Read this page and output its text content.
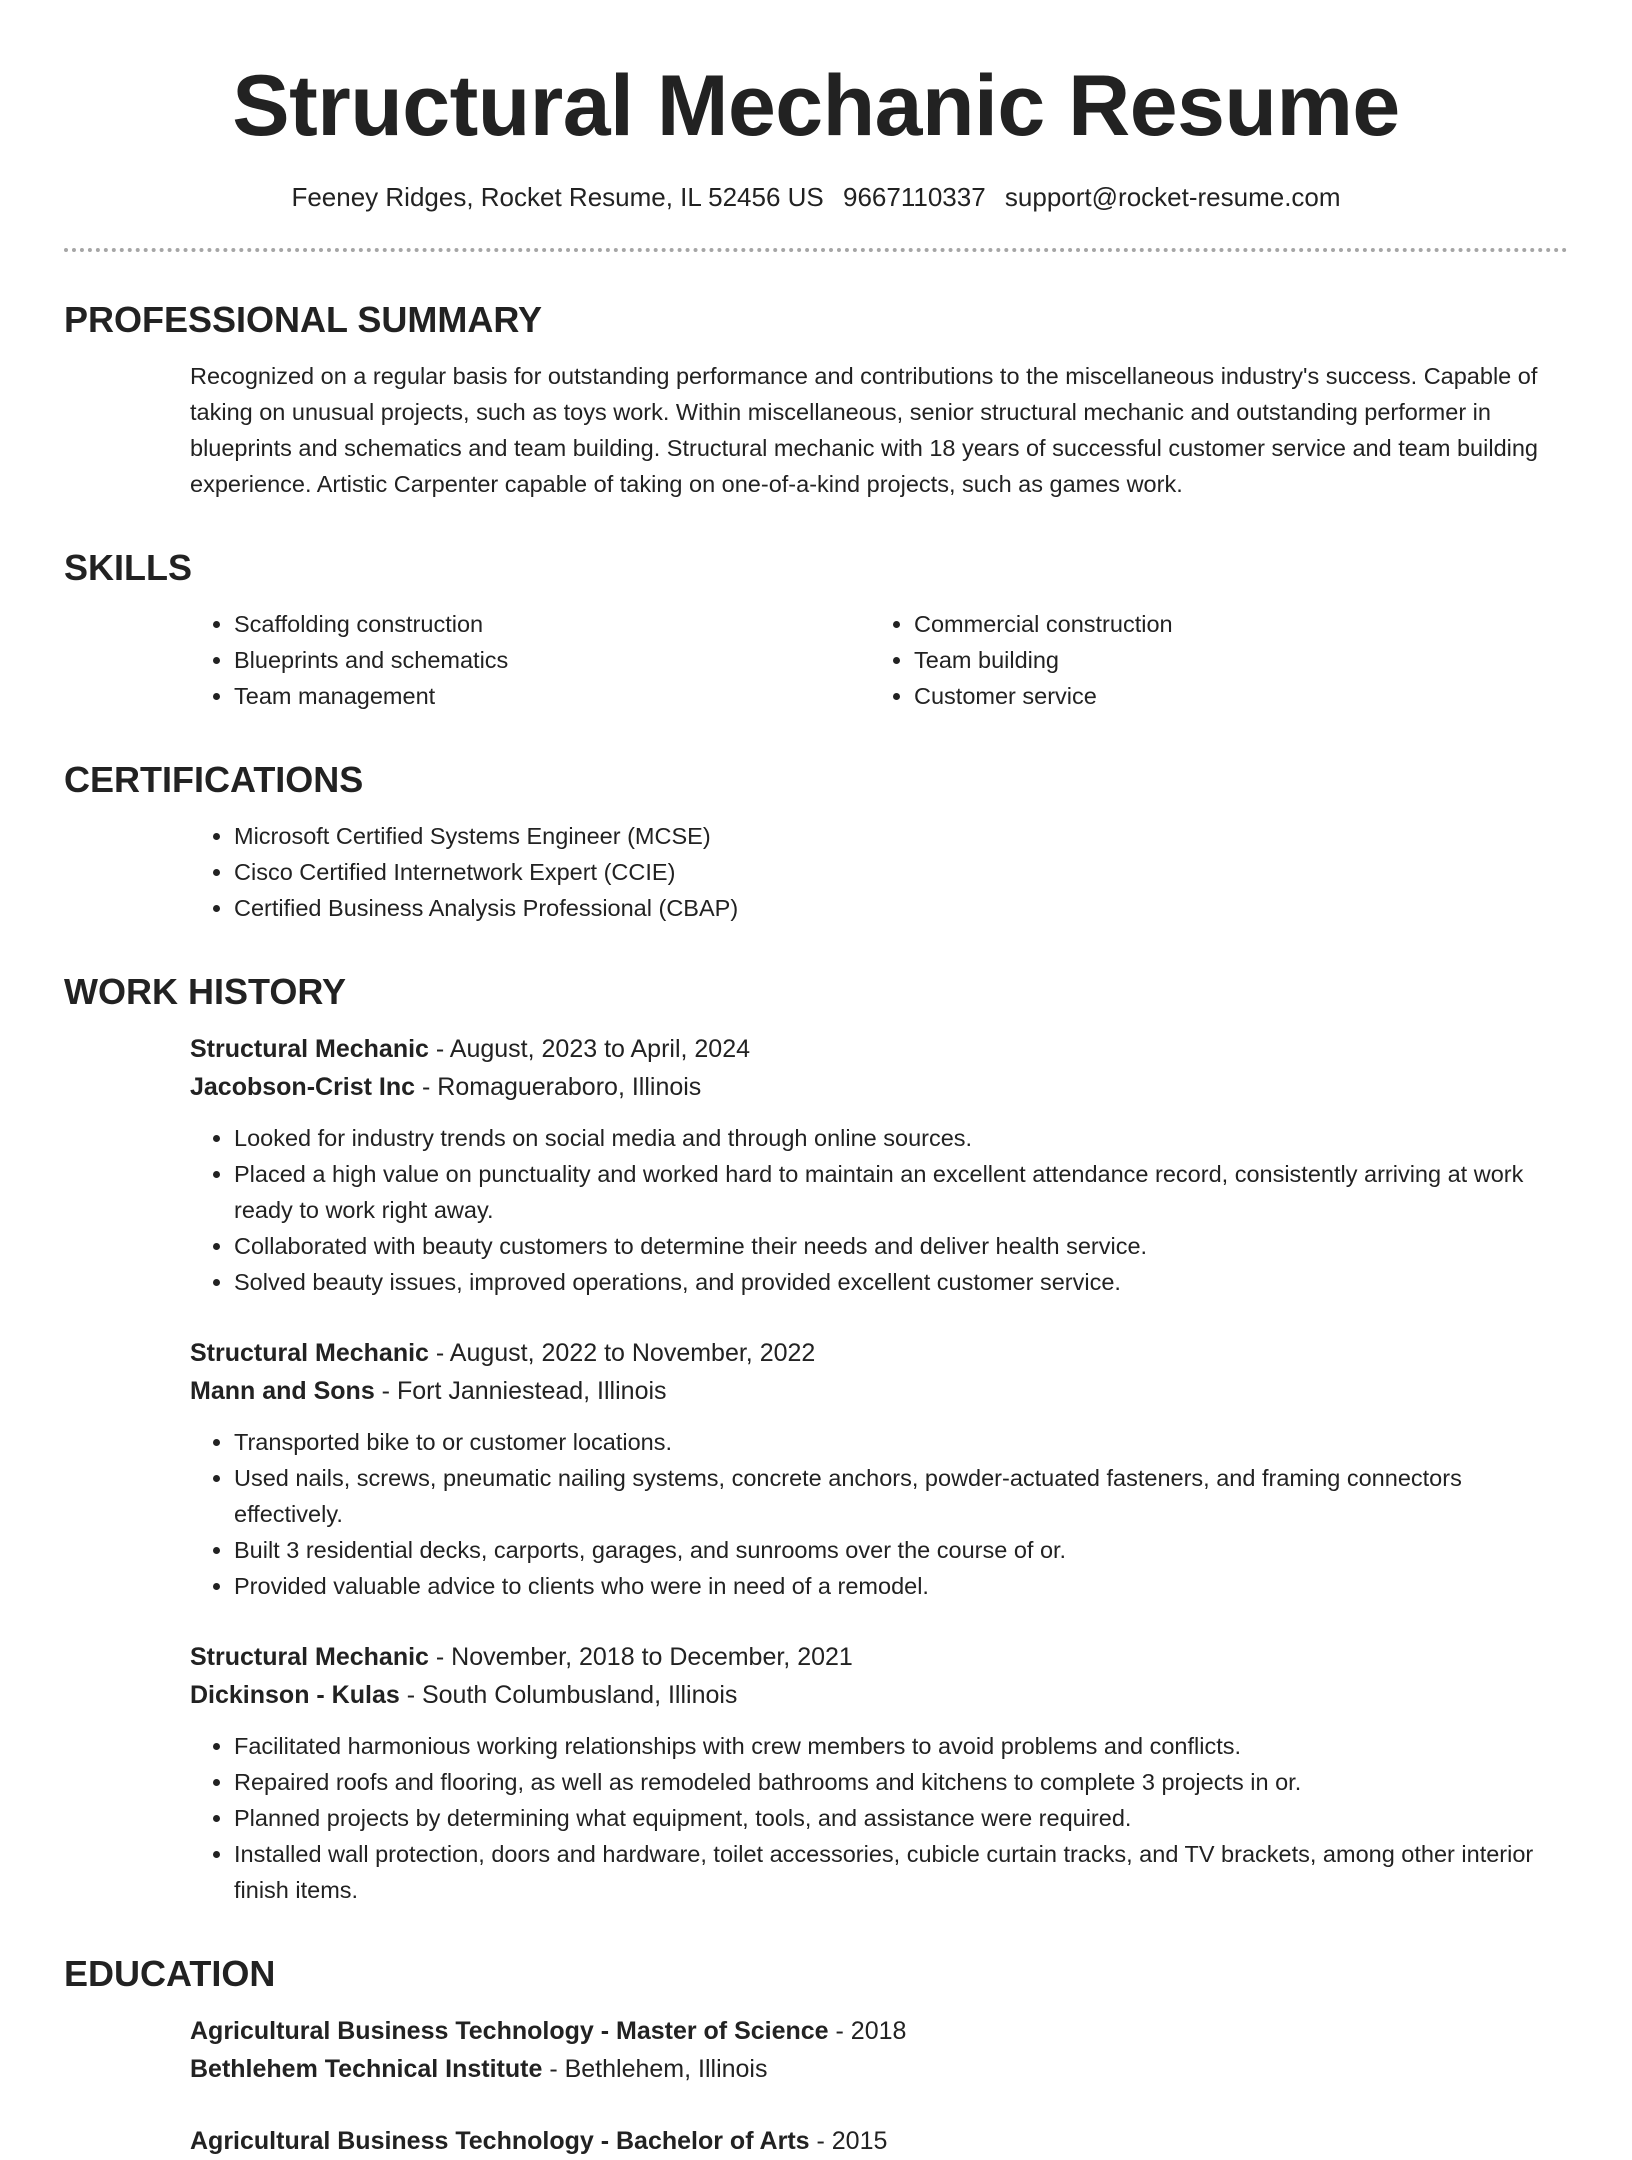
Structural Mechanic Resume
Feeney Ridges, Rocket Resume, IL 52456 US 9667110337 support@rocket-resume.com
PROFESSIONAL SUMMARY
Recognized on a regular basis for outstanding performance and contributions to the miscellaneous industry's success. Capable of taking on unusual projects, such as toys work. Within miscellaneous, senior structural mechanic and outstanding performer in blueprints and schematics and team building. Structural mechanic with 18 years of successful customer service and team building experience. Artistic Carpenter capable of taking on one-of-a-kind projects, such as games work.
SKILLS
• Scaffolding construction
• Blueprints and schematics
• Team management
• Commercial construction
• Team building
• Customer service
CERTIFICATIONS
• Microsoft Certified Systems Engineer (MCSE)
• Cisco Certified Internetwork Expert (CCIE)
• Certified Business Analysis Professional (CBAP)
WORK HISTORY
Structural Mechanic - August, 2023 to April, 2024
Jacobson-Crist Inc - Romagueraboro, Illinois
• Looked for industry trends on social media and through online sources.
• Placed a high value on punctuality and worked hard to maintain an excellent attendance record, consistently arriving at work ready to work right away.
• Collaborated with beauty customers to determine their needs and deliver health service.
• Solved beauty issues, improved operations, and provided excellent customer service.
Structural Mechanic - August, 2022 to November, 2022
Mann and Sons - Fort Janniestead, Illinois
• Transported bike to or customer locations.
• Used nails, screws, pneumatic nailing systems, concrete anchors, powder-actuated fasteners, and framing connectors effectively.
• Built 3 residential decks, carports, garages, and sunrooms over the course of or.
• Provided valuable advice to clients who were in need of a remodel.
Structural Mechanic - November, 2018 to December, 2021
Dickinson - Kulas - South Columbusland, Illinois
• Facilitated harmonious working relationships with crew members to avoid problems and conflicts.
• Repaired roofs and flooring, as well as remodeled bathrooms and kitchens to complete 3 projects in or.
• Planned projects by determining what equipment, tools, and assistance were required.
• Installed wall protection, doors and hardware, toilet accessories, cubicle curtain tracks, and TV brackets, among other interior finish items.
EDUCATION
Agricultural Business Technology - Master of Science - 2018
Bethlehem Technical Institute - Bethlehem, Illinois
Agricultural Business Technology - Bachelor of Arts - 2015
